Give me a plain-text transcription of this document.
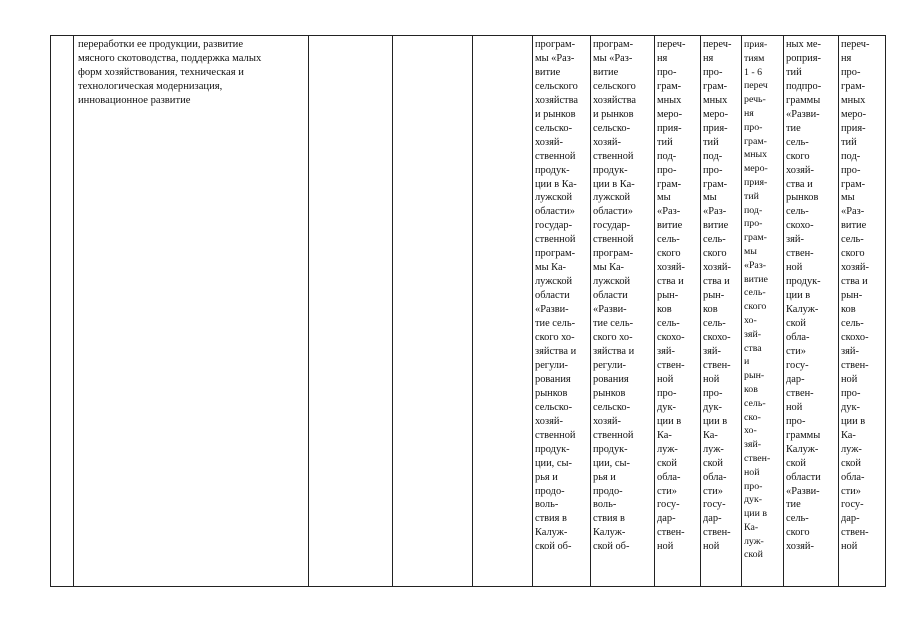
переработки ее продукции, развитие
мясного скотоводства, поддержка малых
форм хозяйствования, техническая и
технологическая модернизация,
инновационное развитие
програм-
мы «Раз-
витие
сельского
хозяйства
и рынков
сельско-
хозяй-
ственной
продук-
ции в Ка-
лужской
области»
государ-
ственной
програм-
мы Ка-
лужской
области
«Разви-
тие сель-
ского хо-
зяйства и
регули-
рования
рынков
сельско-
хозяй-
ственной
продук-
ции, сы-
рья и
продо-
воль-
ствия в
Калуж-
ской об-
програм-
мы «Раз-
витие
сельского
хозяйства
и рынков
сельско-
хозяй-
ственной
продук-
ции в Ка-
лужской
области»
государ-
ственной
програм-
мы Ка-
лужской
области
«Разви-
тие сель-
ского хо-
зяйства и
регули-
рования
рынков
сельско-
хозяй-
ственной
продук-
ции, сы-
рья и
продо-
воль-
ствия в
Калуж-
ской об-
переч-
ня
про-
грам-
мных
меро-
прия-
тий
под-
про-
грам-
мы
«Раз-
витие
сель-
ского
хозяй-
ства и
рын-
ков
сель-
скохо-
зяй-
ствен-
ной
про-
дук-
ции в
Ка-
луж-
ской
обла-
сти»
госу-
дар-
ствен-
ной
переч-
ня
про-
грам-
мных
меро-
прия-
тий
под-
про-
грам-
мы
«Раз-
витие
сель-
ского
хозяй-
ства и
рын-
ков
сель-
скохо-
зяй-
ствен-
ной
про-
дук-
ции в
Ка-
луж-
ской
обла-
сти»
госу-
дар-
ствен-
ной
прия-
тиям
1 - 6
переч
речь-
ня
про-
грам-
мных
меро-
прия-
тий
под-
про-
грам-
мы
«Раз-
витие
сель-
ского
хо-
зяй-
ства
и
рын-
ков
сель-
ско-
хо-
зяй-
ствен-
ной
про-
дук-
ции в
Ка-
луж-
ской
ных ме-
роприя-
тий
подпро-
граммы
«Разви-
тие
сель-
ского
хозяй-
ства и
рынков
сель-
скохо-
зяй-
ствен-
ной
продук-
ции в
Калуж-
ской
обла-
сти»
госу-
дар-
ствен-
ной
про-
граммы
Калуж-
ской
области
«Разви-
тие
сель-
ского
хозяй-
переч-
ня
про-
грам-
мных
меро-
прия-
тий
под-
про-
грам-
мы
«Раз-
витие
сель-
ского
хозяй-
ства и
рын-
ков
сель-
скохо-
зяй-
ствен-
ной
про-
дук-
ции в
Ка-
луж-
ской
обла-
сти»
госу-
дар-
ствен-
ной
